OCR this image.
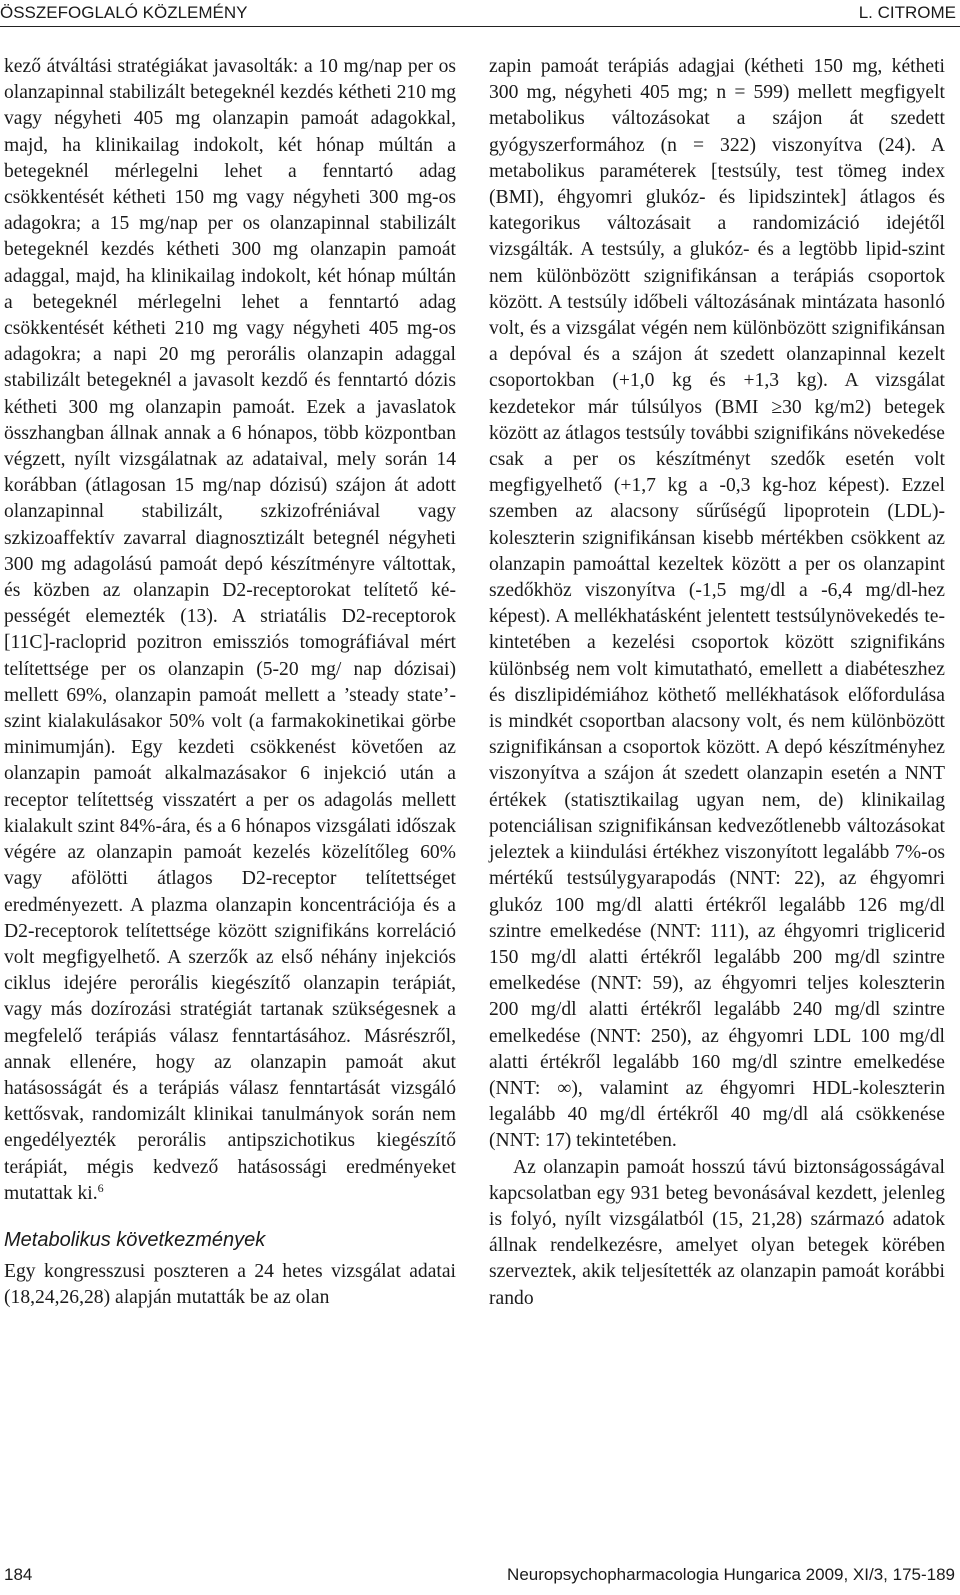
ÖSSZEFOGLALÓ KÖZLEMÉNY	L. CITROME

kező átváltási stratégiákat javasolták: a 10 mg/nap per os olanzapinnal stabilizált betegeknél kezdés kétheti 210 mg vagy négyheti 405 mg olanzapin pamoát adagokkal, majd, ha klinikailag indokolt, két hónap múltán a betegeknél mérlegelni lehet a fenntartó adag csökkentését kétheti 150 mg vagy négyheti 300 mg-os adagokra; a 15 mg/nap per os olanzapinnal stabilizált betegeknél kezdés kétheti 300 mg olanzapin pamoát adaggal, majd, ha klinikailag indokolt, két hónap múltán a betegeknél mérlegelni lehet a fenntartó adag csökkentését kétheti 210 mg vagy négyheti 405 mg-os adagokra; a napi 20 mg perorális olanzapin adaggal stabilizált betegeknél a javasolt kezdő és fenntartó dózis kétheti 300 mg olanzapin pamoát. Ezek a javaslatok összhangban állnak annak a 6 hónapos, több központban végzett, nyílt vizsgálatnak az adataival, mely során 14 korábban (átlagosan 15 mg/nap dózisú) szájon át adott olanzapinnal stabilizált, szkizofréniával vagy szkizoaffektív zavarral diagnosztizált betegnél négyheti 300 mg adagolású pamoát depó készítményre váltottak, és közben az olanzapin D2-receptorokat telítető képességét elemezték (13). A striatális D2-receptorok [11C]-racloprid pozitron emissziós tomográfiával mért telítettsége per os olanzapin (5-20 mg/ nap dózisai) mellett 69%, olanzapin pamoát mellett a ’steady state’-szint kialakulásakor 50% volt (a farmakokinetikai görbe minimumján). Egy kezdeti csökkenést követően az olanzapin pamoát alkalmazásakor 6 injekció után a receptor telítettség visszatért a per os adagolás mellett kialakult szint 84%-ára, és a 6 hónapos vizsgálati időszak végére az olanzapin pamoát kezelés közelítőleg 60% vagy afölötti átlagos D2-receptor telítettséget eredményezett. A plazma olanzapin koncentrációja és a D2-receptorok telítettsége között szignifikáns korreláció volt megfigyelhető. A szerzők az első néhány injekciós ciklus idejére perorális kiegészítő olanzapin terápiát, vagy más dozírozási stratégiát tartanak szükségesnek a megfelelő terápiás válasz fenntartásához. Másrészről, annak ellenére, hogy az olanzapin pamoát akut hatásosságát és a terápiás válasz fenntartását vizsgáló kettősvak, randomizált klinikai tanulmányok során nem engedélyezték perorális antipszichotikus kiegészítő terápiát, mégis kedvező hatásossági eredményeket mutattak ki.$^6$

Metabolikus következmények

Egy kongresszusi poszteren a 24 hetes vizsgálat adatai (18,24,26,28) alapján mutatták be az olan

zapin pamoát terápiás adagjai (kétheti 150 mg, kétheti 300 mg, négyheti 405 mg; n = 599) mellett megfigyelt metabolikus változásokat a szájon át szedett gyógyszerformához (n = 322) viszonyítva (24). A metabolikus paraméterek [testsúly, test tömeg index (BMI), éhgyomri glukóz- és lipidszintek] átlagos és kategorikus változásait a randomizáció idejétől vizsgálták. A testsúly, a glukóz- és a legtöbb lipid-szint nem különbözött szignifikánsan a terápiás csoportok között. A testsúly időbeli változásának mintázata hasonló volt, és a vizsgálat végén nem különbözött szignifikánsan a depóval és a szájon át szedett olanzapinnal kezelt csoportokban (+1,0 kg és +1,3 kg). A vizsgálat kezdetekor már túlsúlyos (BMI ≥30 kg/m2) betegek között az átlagos testsúly további szignifikáns növekedése csak a per os készítményt szedők esetén volt megfigyelhető (+1,7 kg a -0,3 kg-hoz képest). Ezzel szemben az alacsony sűrűségű lipoprotein (LDL)-koleszterin szignifikánsan kisebb mértékben csökkent az olanzapin pamoáttal kezeltek között a per os olanzapint szedőkhöz viszonyítva (-1,5 mg/dl a -6,4 mg/dl-hez képest). A mellékhatásként jelentett testsúlynövekedés tekintetében a kezelési csoportok között szignifikáns különbség nem volt kimutatható, emellett a diabéteszhez és diszlipidémiához köthető mellékhatások előfordulása is mindkét csoportban alacsony volt, és nem különbözött szignifikánsan a csoportok között. A depó készítményhez viszonyítva a szájon át szedett olanzapin esetén a NNT értékek (statisztikailag ugyan nem, de) klinikailag potenciálisan szignifikánsan kedvezőtlenebb változásokat jeleztek a kiindulási értékhez viszonyított legalább 7%-os mértékű testsúlygyarapodás (NNT: 22), az éhgyomri glukóz 100 mg/dl alatti értékről legalább 126 mg/dl szintre emelkedése (NNT: 111), az éhgyomri triglicerid 150 mg/dl alatti értékről legalább 200 mg/dl szintre emelkedése (NNT: 59), az éhgyomri teljes koleszterin 200 mg/dl alatti értékről legalább 240 mg/dl szintre emelkedése (NNT: 250), az éhgyomri LDL 100 mg/dl alatti értékről legalább 160 mg/dl szintre emelkedése (NNT: ∞), valamint az éhgyomri HDL-koleszterin legalább 40 mg/dl értékről 40 mg/dl alá csökkenése (NNT: 17) tekintetében.

Az olanzapin pamoát hosszú távú biztonságosságával kapcsolatban egy 931 beteg bevonásával kezdett, jelenleg is folyó, nyílt vizsgálatból (15, 21,28) származó adatok állnak rendelkezésre, amelyet olyan betegek körében szerveztek, akik teljesítették az olanzapin pamoát korábbi rando

184	Neuropsychopharmacologia Hungarica 2009, XI/3, 175-189
